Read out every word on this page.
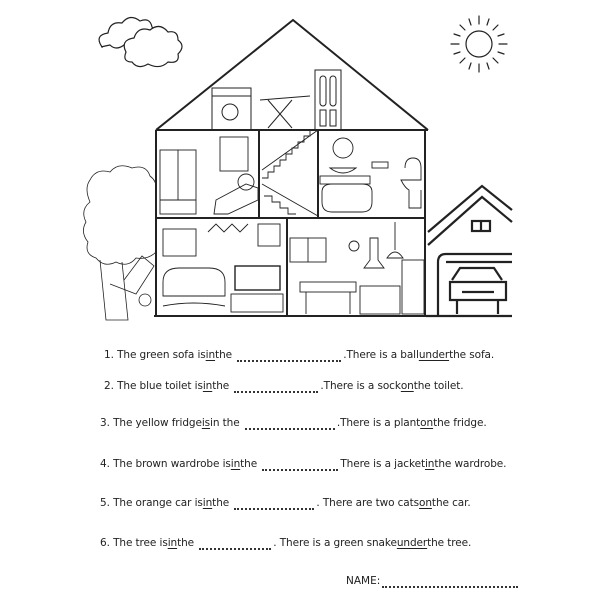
1. The green sofa isinthe	.There is a ballunderthe sofa.
2. The blue toilet isinthe	.There is a sockonthe toilet.
3. The yellow fridgeisin the	.There is a plantonthe fridge.
4. The brown wardrobe isinthe	There is a jacketinthe wardrobe.
5. The orange car isinthe	. There are two catsonthe car.
6. The tree isinthe	. There is a green snakeunderthe tree.
NAME:
